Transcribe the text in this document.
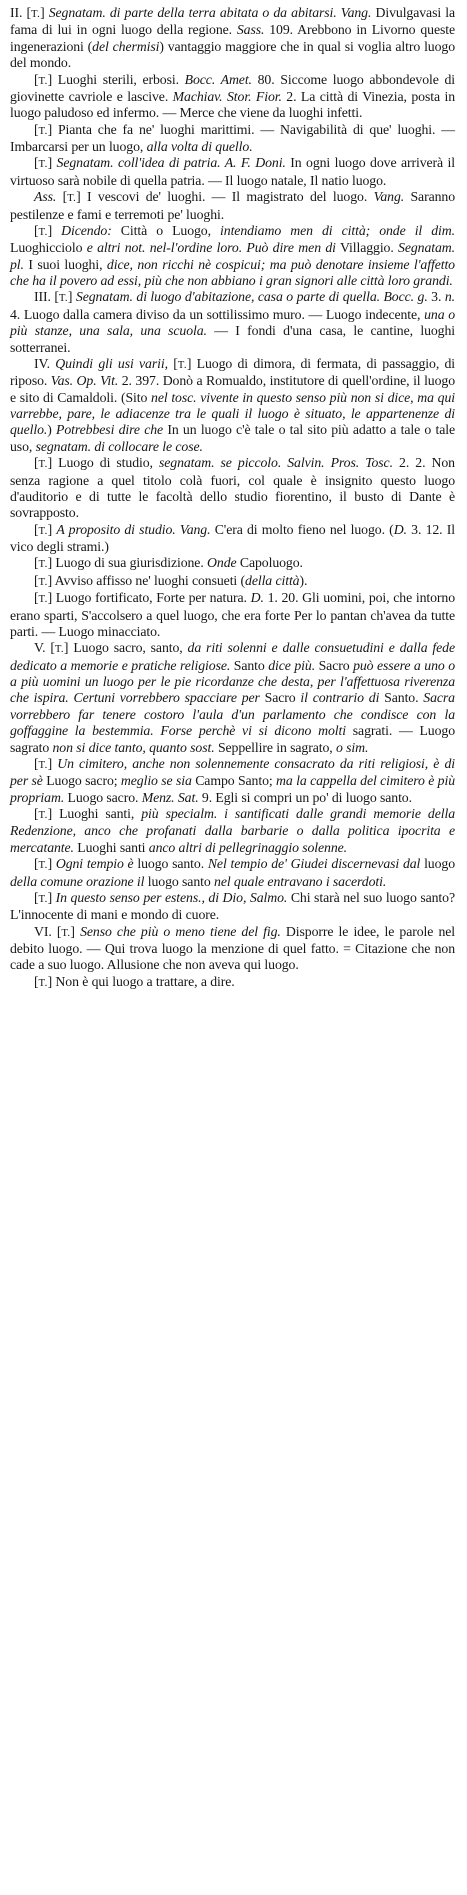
II. [T.] Segnatam. di parte della terra abitata o da abitarsi. Vang. Divulgavasi la fama di lui in ogni luogo della regione. Sass. 109. Arebbono in Livorno queste ingenerazioni (del chermisi) vantaggio maggiore che in qual si voglia altro luogo del mondo.

[T.] Luoghi sterili, erbosi. Bocc. Amet. 80. Siccome luogo abbondevole di giovinette cavriole e lascive. Machiav. Stor. Fior. 2. La città di Vinezia, posta in luogo paludoso ed infermo. — Merce che viene da luoghi infetti.

[T.] Pianta che fa ne' luoghi marittimi. — Navigabilità di que' luoghi. — Imbarcarsi per un luogo, alla volta di quello.

[T.] Segnatam. coll'idea di patria. A. F. Doni. In ogni luogo dove arriverà il virtuoso sarà nobile di quella patria. — Il luogo natale, Il natio luogo.

Ass. [T.] I vescovi de' luoghi. — Il magistrato del luogo. Vang. Saranno pestilenze e fami e terremoti pe' luoghi.

[T.] Dicendo: Città o Luogo, intendiamo men di città; onde il dim. Luoghicciolo e altri not. nel-l'ordine loro. Può dire men di Villaggio. Segnatam. pl. I suoi luoghi, dice, non ricchi nè cospicui; ma può denotare insieme l'affetto che ha il povero ad essi, più che non abbiano i gran signori alle città loro grandi.

III. [T.] Segnatam. di luogo d'abitazione, casa o parte di quella. Bocc. g. 3. n. 4. Luogo dalla camera diviso da un sottilissimo muro. — Luogo indecente, una o più stanze, una sala, una scuola. — I fondi d'una casa, le cantine, luoghi sotterranei.

IV. Quindi gli usi varii, [T.] Luogo di dimora, di fermata, di passaggio, di riposo. Vas. Op. Vit. 2. 397. Donò a Romualdo, institutore di quell'ordine, il luogo e sito di Camaldoli. (Sito nel tosc. vivente in questo senso più non si dice, ma qui varrebbe, pare, le adiacenze tra le quali il luogo è situato, le appartenenze di quello.) Potrebbesi dire che In un luogo c'è tale o tal sito più adatto a tale o tale uso, segnatam. di collocare le cose.

[T.] Luogo di studio, segnatam. se piccolo. Salvin. Pros. Tosc. 2. 2. Non senza ragione a quel titolo colà fuori, col quale è insignito questo luogo d'auditorio e di tutte le facoltà dello studio fiorentino, il busto di Dante è sovrapposto.

[T.] A proposito di studio. Vang. C'era di molto fieno nel luogo. (D. 3. 12. Il vico degli strami.)

[T.] Luogo di sua giurisdizione. Onde Capoluogo.

[T.] Avviso affisso ne' luoghi consueti (della città).

[T.] Luogo fortificato, Forte per natura. D. 1. 20. Gli uomini, poi, che intorno erano sparti, S'accolsero a quel luogo, che era forte Per lo pantan ch'avea da tutte parti. — Luogo minacciato.

V. [T.] Luogo sacro, santo, da riti solenni e dalle consuetudini e dalla fede dedicato a memorie e pratiche religiose. Santo dice più. Sacro può essere a uno o a più uomini un luogo per le pie ricordanze che desta, per l'affettuosa riverenza che ispira. Certuni vorrebbero spacciare per Sacro il contrario di Santo. Sacra vorrebbero far tenere costoro l'aula d'un parlamento che condisce con la goffaggine la bestemmia. Forse perchè vi si dicono molti sagrati. — Luogo sagrato non si dice tanto, quanto sost. Seppellire in sagrato, o sim.

[T.] Un cimitero, anche non solennemente consacrato da riti religiosi, è di per sè Luogo sacro; meglio se sia Campo Santo; ma la cappella del cimitero è più propriam. Luogo sacro. Menz. Sat. 9. Egli si compri un po' di luogo santo.

[T.] Luoghi santi, più specialm. i santificati dalle grandi memorie della Redenzione, anco che profanati dalla barbarie o dalla politica ipocrita e mercatante. Luoghi santi anco altri di pellegrinaggio solenne.

[T.] Ogni tempio è luogo santo. Nel tempio de' Giudei discernevasi dal luogo della comune orazione il luogo santo nel quale entravano i sacerdoti.

[T.] In questo senso per estens., di Dio, Salmo. Chi starà nel suo luogo santo? L'innocente di mani e mondo di cuore.

VI. [T.] Senso che più o meno tiene del fig. Disporre le idee, le parole nel debito luogo. — Qui trova luogo la menzione di quel fatto. = Citazione che non cade a suo luogo. Allusione che non aveva qui luogo.

[T.] Non è qui luogo a trattare, a dire.
